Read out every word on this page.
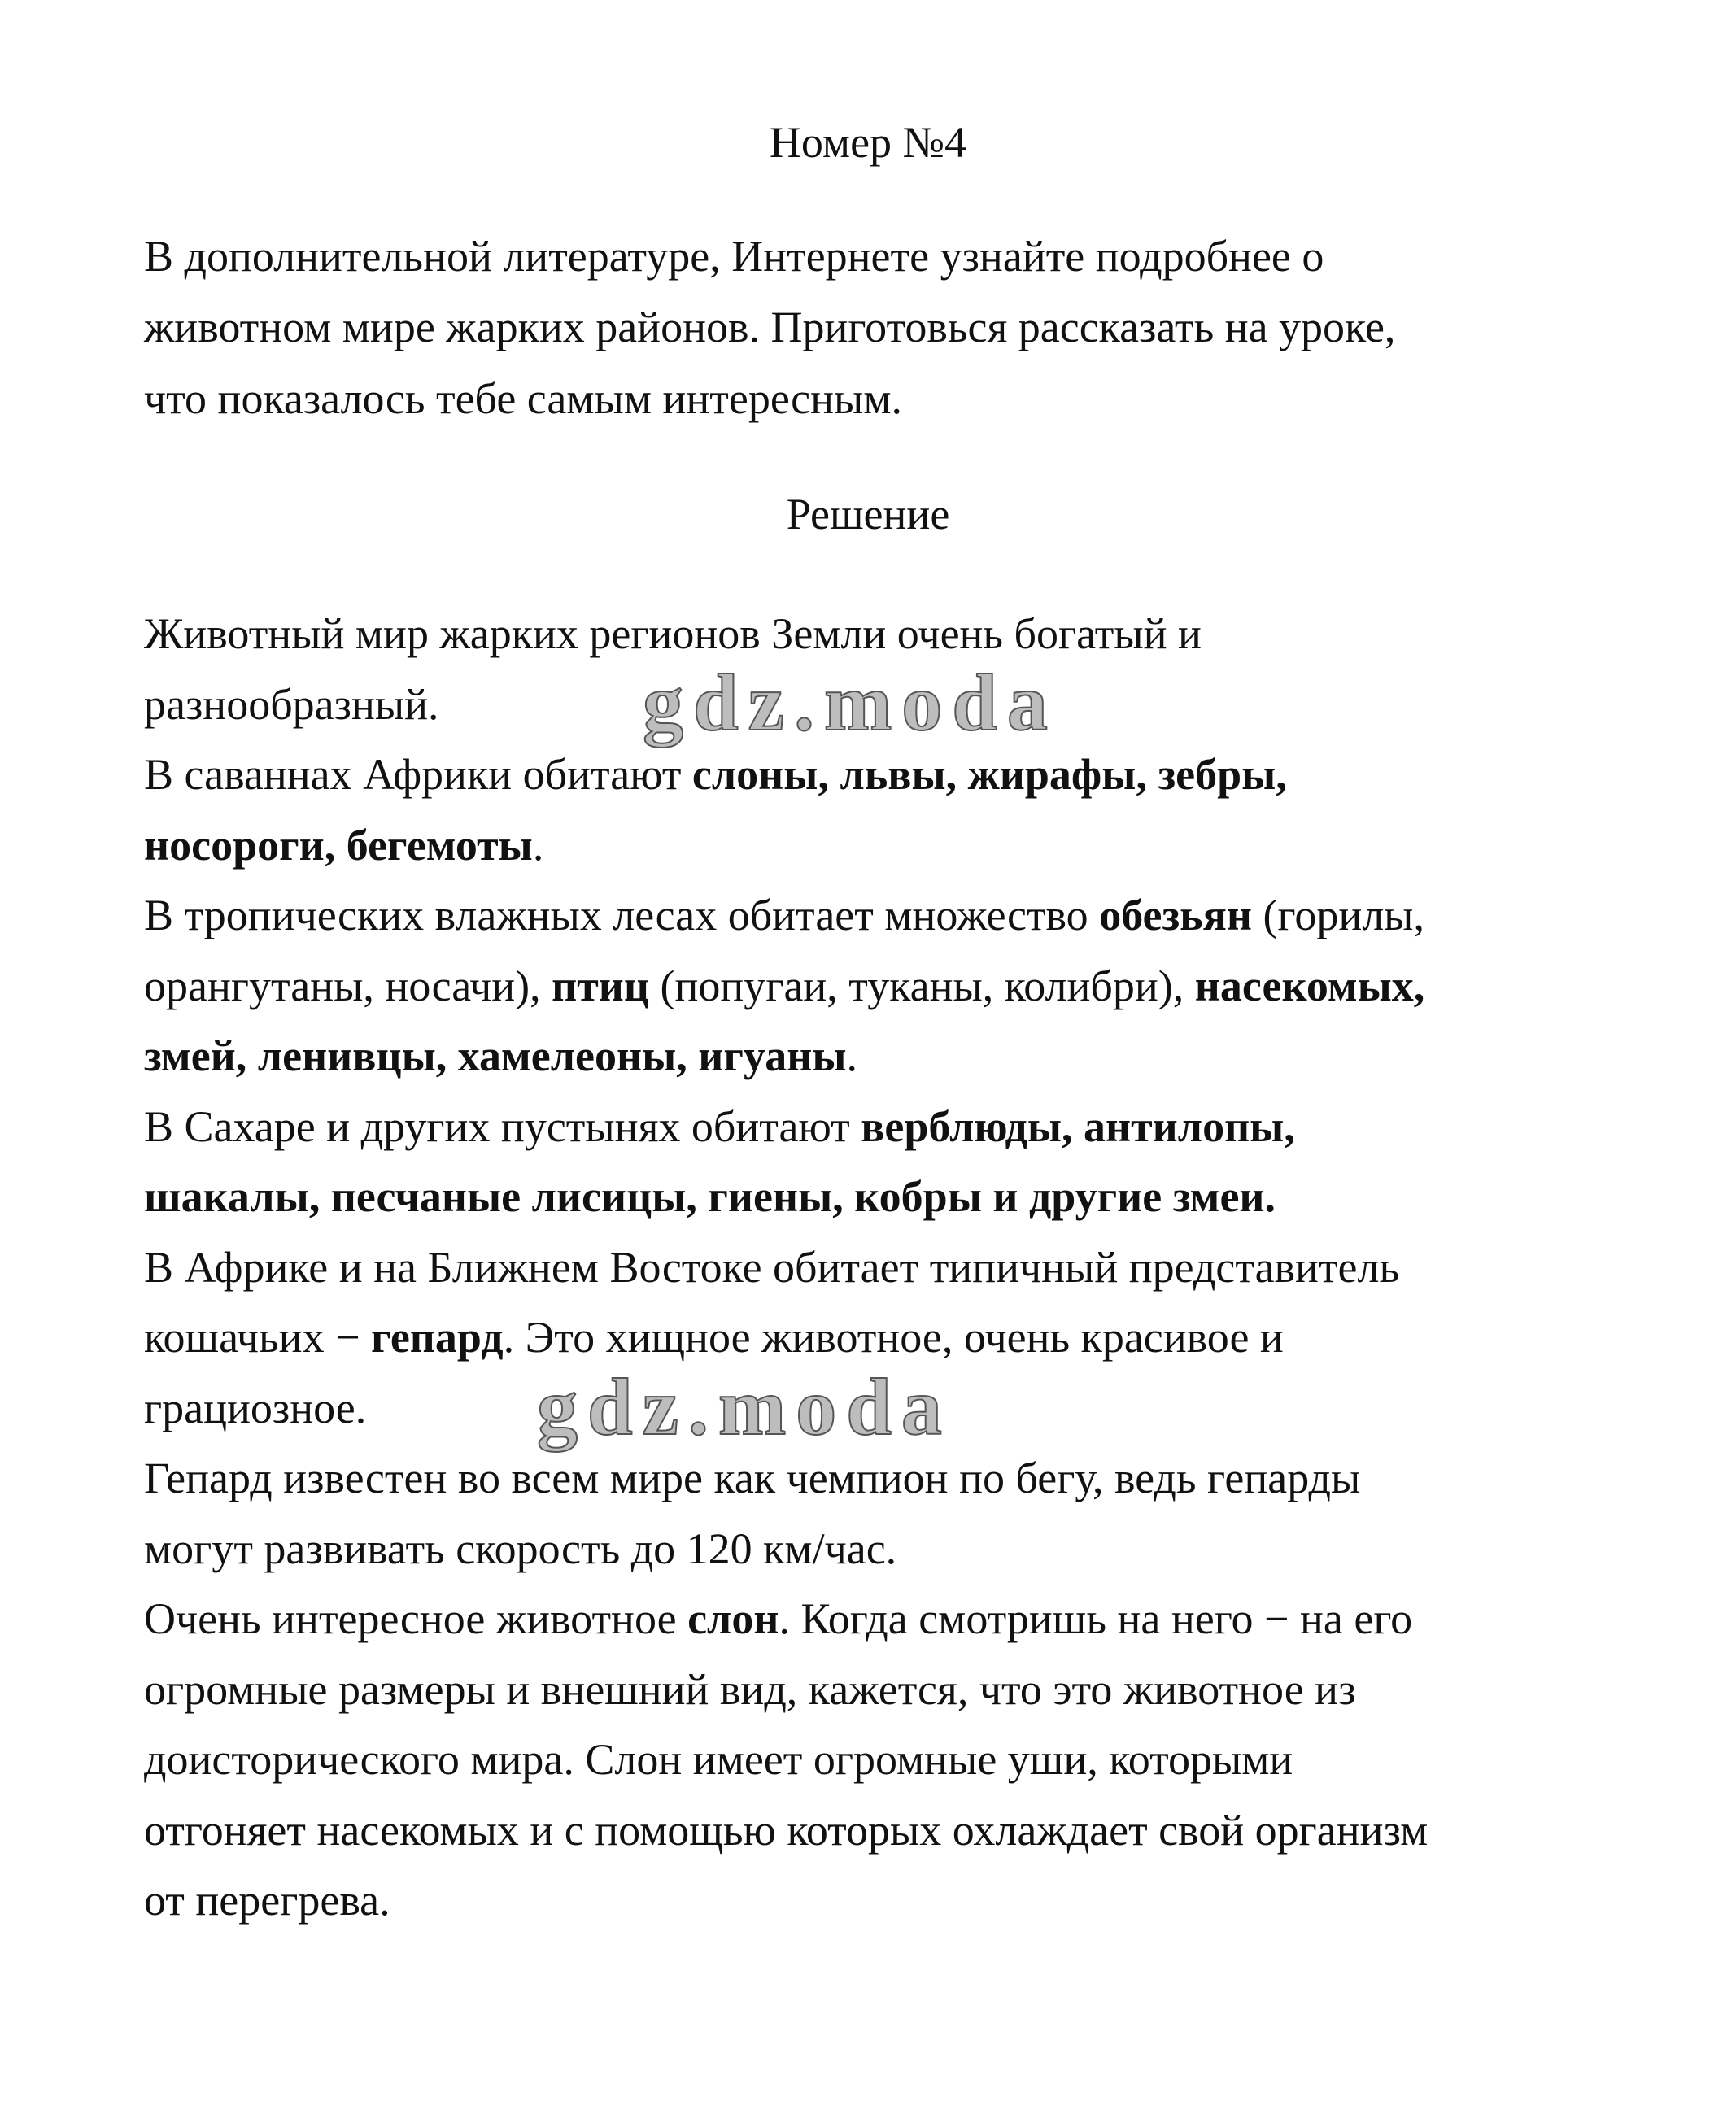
Номер №4
В дополнительной литературе, Интернете узнайте подробнее о
животном мире жарких районов. Приготовься рассказать на уроке,
что показалось тебе самым интересным.
Решение
Животный мир жарких регионов Земли очень богатый и
разнообразный.
В саваннах Африки обитают слоны, львы, жирафы, зебры,
носороги, бегемоты.
В тропических влажных лесах обитает множество обезьян (горилы,
орангутаны, носачи), птиц (попугаи, туканы, колибри), насекомых,
змей, ленивцы, хамелеоны, игуаны.
В Сахаре и других пустынях обитают верблюды, антилопы,
шакалы, песчаные лисицы, гиены, кобры и другие змеи.
В Африке и на Ближнем Востоке обитает типичный представитель
кошачьих − гепард. Это хищное животное, очень красивое и
грациозное.
Гепард известен во всем мире как чемпион по бегу, ведь гепарды
могут развивать скорость до 120 км/час.
Очень интересное животное слон. Когда смотришь на него − на его
огромные размеры и внешний вид, кажется, что это животное из
доисторического мира. Слон имеет огромные уши, которыми
отгоняет насекомых и с помощью которых охлаждает свой организм
от перегрева.
gdz.moda
gdz.moda
